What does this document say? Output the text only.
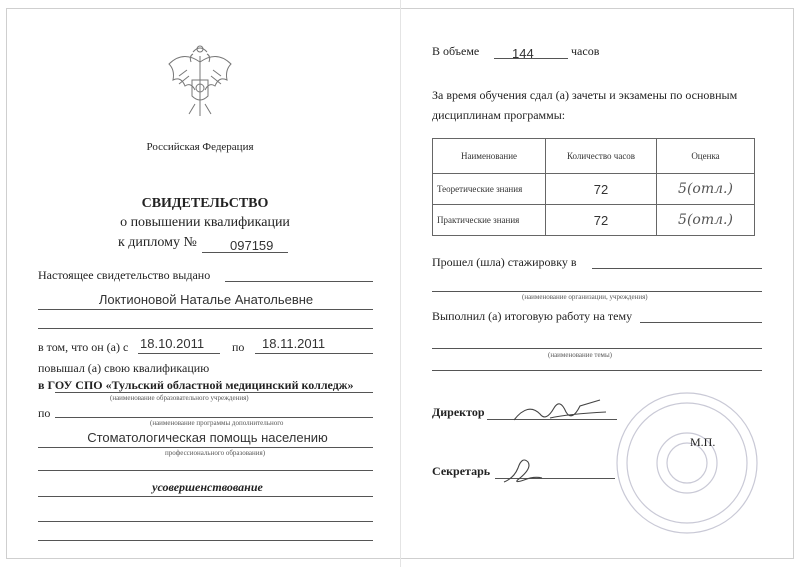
Российская Федерация
СВИДЕТЕЛЬСТВО
о повышении квалификации
к диплому №	097159
Настоящее свидетельство выдано
Локтионовой Наталье Анатольевне
в том, что он (а) с 18.10.2011 по 18.11.2011
повышал (а) свою квалификацию
в ГОУ СПО «Тульский областной медицинский колледж»
(наименование образовательного учреждения)
по
(наименование программы дополнительного
Стоматологическая помощь населению
профессионального образования)
усовершенствование
В объеме	144	часов
За время обучения сдал (а) зачеты и экзамены по основным
дисциплинам программы:
Наименование	Количество часов	Оценка
Теоретические знания	72	5(отл.)
Практические знания	72	5(отл.)
Прошел (шла) стажировку в
(наименование организации, учреждения)
Выполнил (а) итоговую работу на тему
(наименование темы)
Директор
М.П.
Секретарь
